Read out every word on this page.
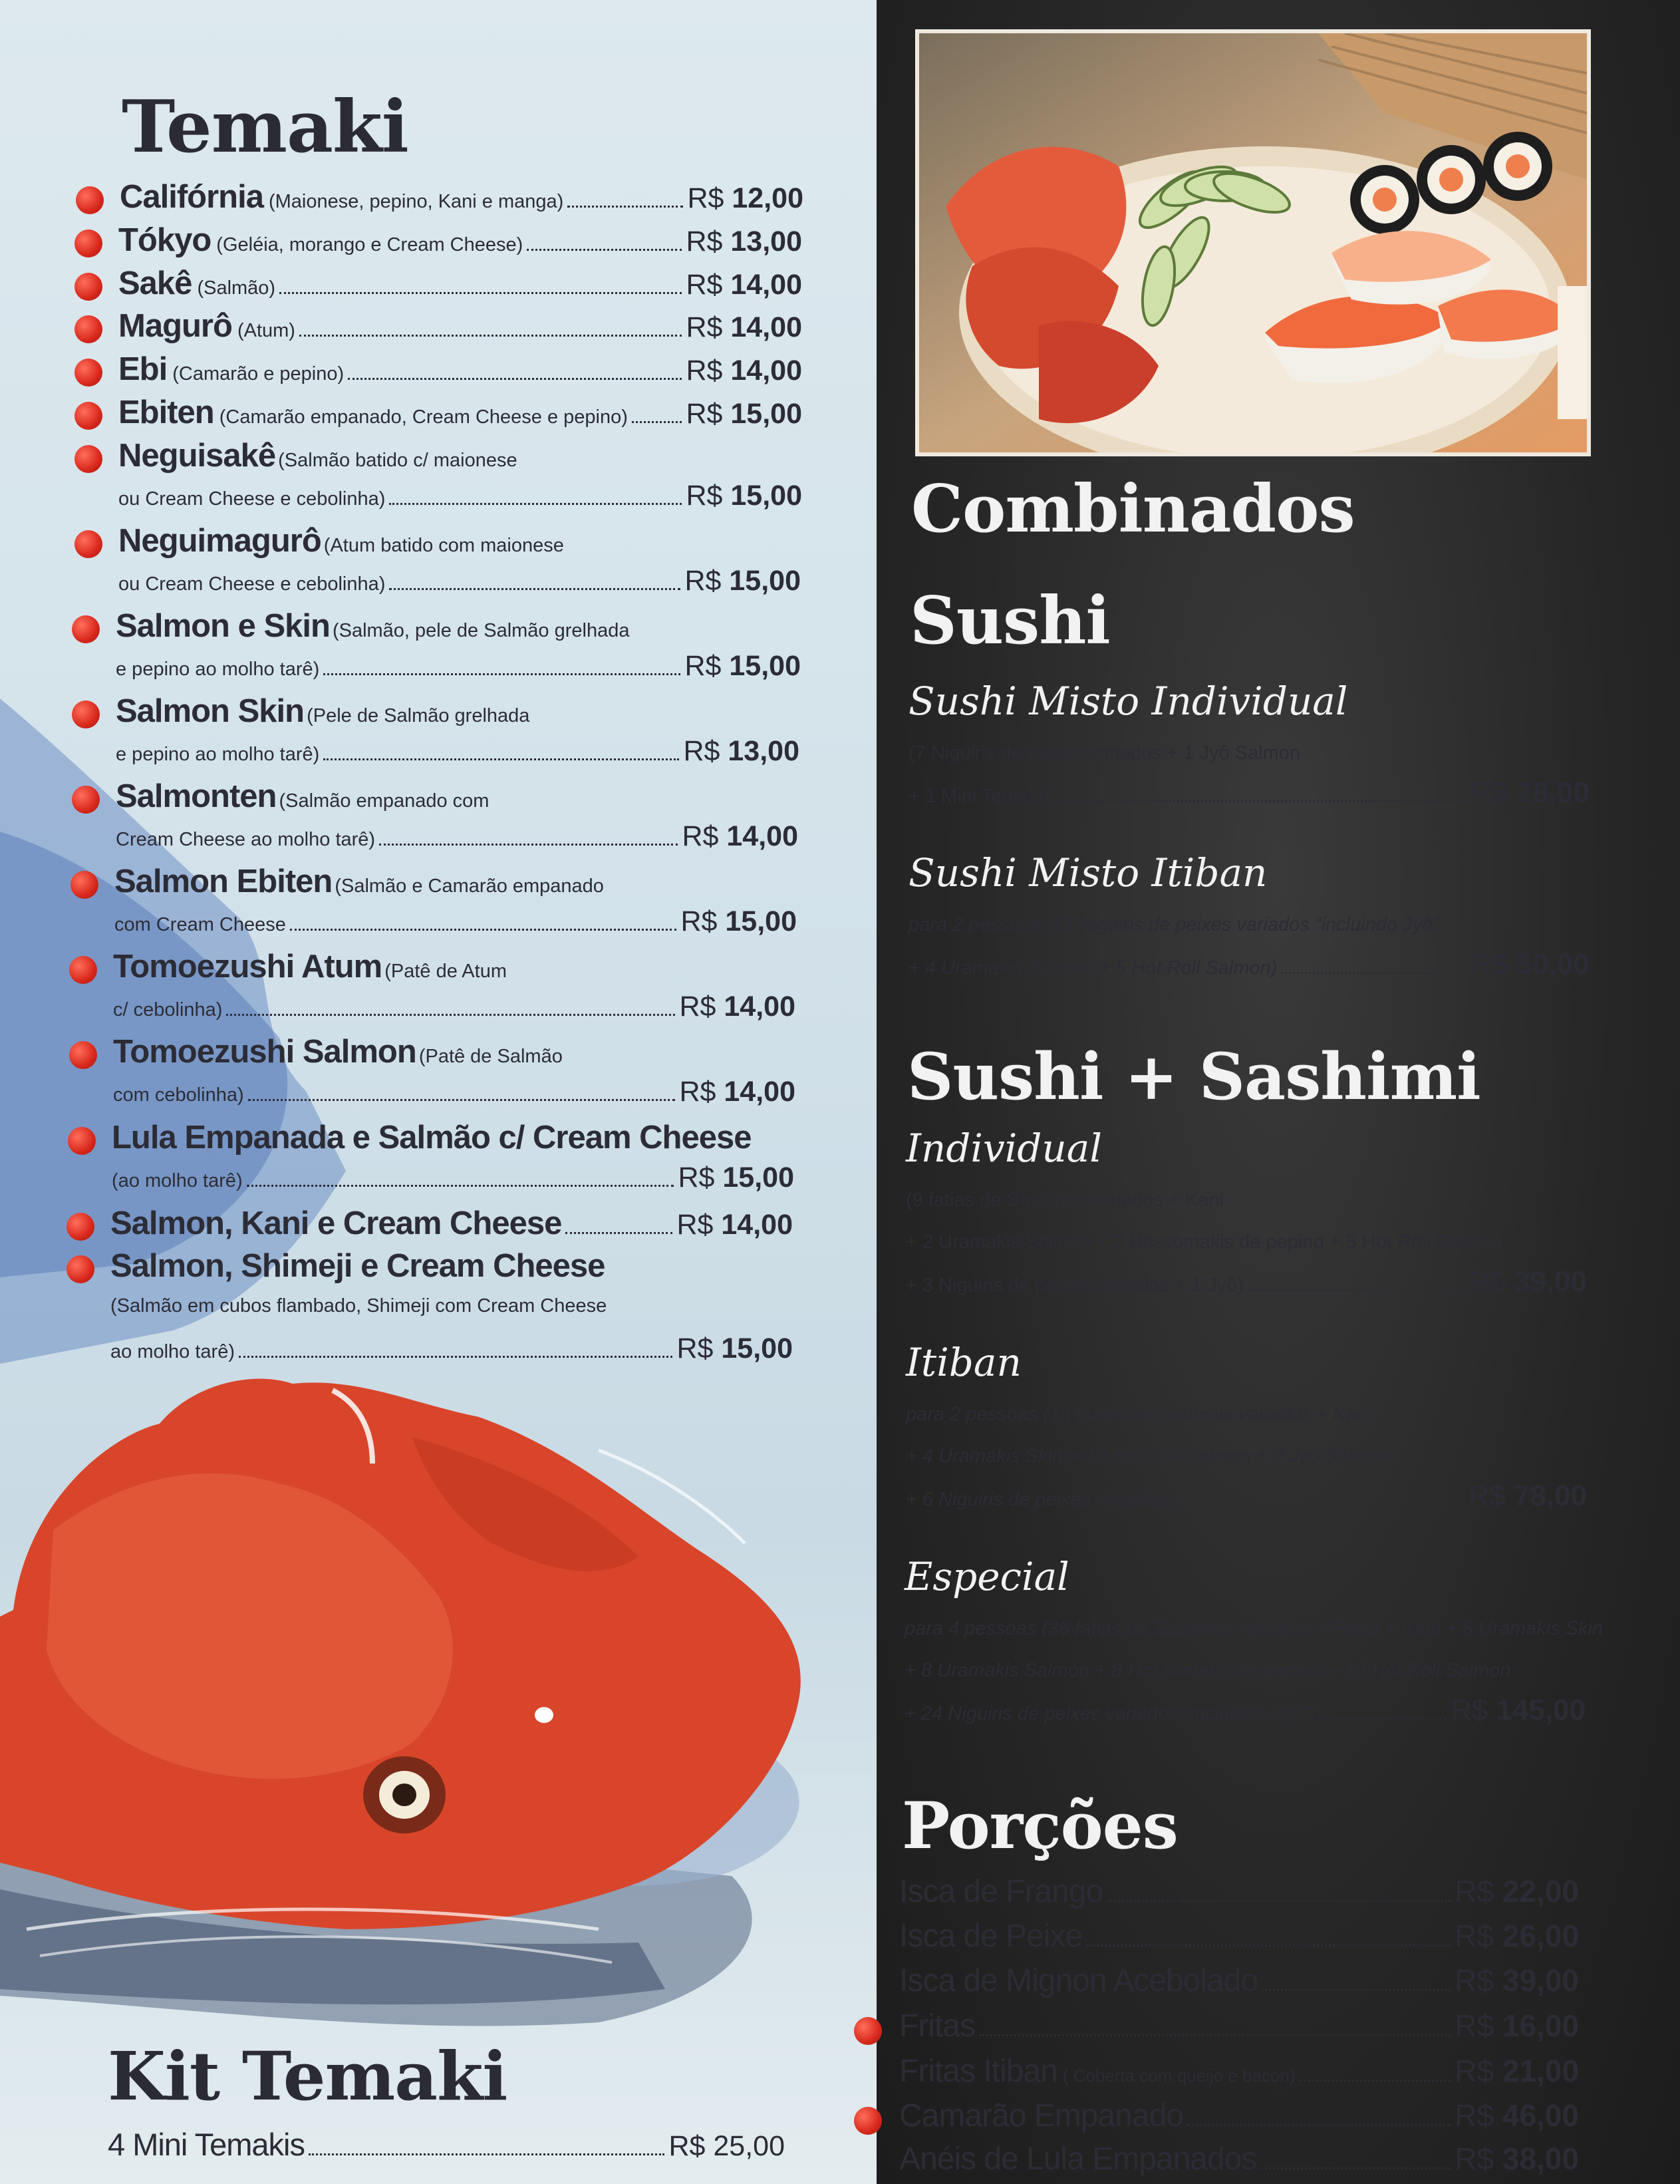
Temaki
Califórnia (Maionese, pepino, Kani e manga)	R$ 12,00
Tókyo (Geléia, morango e Cream Cheese)	R$ 13,00
Sakê (Salmão)	R$ 14,00
Magurô (Atum)	R$ 14,00
Ebi (Camarão e pepino)	R$ 14,00
Ebiten (Camarão empanado, Cream Cheese e pepino) R$ 15,00
Neguisakê (Salmão batido c/ maionese
ou Cream Cheese e cebolinha)	R$ 15,00
Neguimagurô (Atum batido com maionese
ou Cream Cheese e cebolinha)	R$ 15,00
Salmon e Skin (Salmão, pele de Salmão grelhada
e pepino ao molho tarê)	R$ 15,00
Salmon Skin (Pele de Salmão grelhada
e pepino ao molho tarê)	R$ 13,00
Salmonten (Salmão empanado com
Cream Cheese ao molho tarê)	R$ 14,00
Salmon Ebiten (Salmão e Camarão empanado
com Cream Cheese	R$ 15,00
Tomoezushi Atum (Patê de Atum
c/ cebolinha)	R$ 14,00
Tomoezushi Salmon (Patê de Salmão
com cebolinha)	R$ 14,00
Lula Empanada e Salmão c/ Cream Cheese
(ao molho tarê)	R$ 15,00
Salmon, Kani e Cream Cheese	R$ 14,00
Salmon, Shimeji e Cream Cheese
(Salmão em cubos flambado, Shimeji com Cream Cheese
ao molho tarê)	R$ 15,00
Kit Temaki
4 Mini Temakis	R$ 25,00
Combinados
Sushi
Sushi Misto Individual
(7 Niguiris de peixes variados + 1 Jyô Salmon
+ 1 Mini Temaki)	R$ 28,00
Sushi Misto Itiban
para 2 pessoas (14 Niguiris de peixes variados “incluindo Jyô”
+ 4 Uramakis Salmon + 5 Hot Roll Salmon)	R$ 50,00
Sushi + Sashimi
Individual
(9 fatias de Sashimis variados + Kani
+ 2 Uramakis Salmon + 2 Hossomakis de pepino + 5 Hot Roll Salmon
+ 3 Niguiris de peixes variados + 1 Jyô)	R$ 39,00
Itiban
para 2 pessoas (18 fatias de Sashimis variados + Kani
+ 4 Uramakis Skin + 10 Hot Roll Salmon + 2 Jyô Salmon
+ 6 Niguiris de peixes variados)	R$ 78,00
Especial
para 4 pessoas (36 fatias de Sashimis variados + Polvo + Kani + 8 Uramakis Skin
+ 8 Uramakis Salmon + 8 Hossomakis de pepino + 10 Hot Roll Salmon
+ 24 Niguiris de peixes variados “incluindo Jyô”)	R$ 145,00
Porções
Isca de Frango	R$ 22,00
Isca de Peixe	R$ 26,00
Isca de Mignon Acebolado	R$ 39,00
Fritas	R$ 16,00
Fritas Itiban ( Coberta com queijo e bacon)	R$ 21,00
Camarão Empanado	R$ 46,00
Anéis de Lula Empanados	R$ 38,00
